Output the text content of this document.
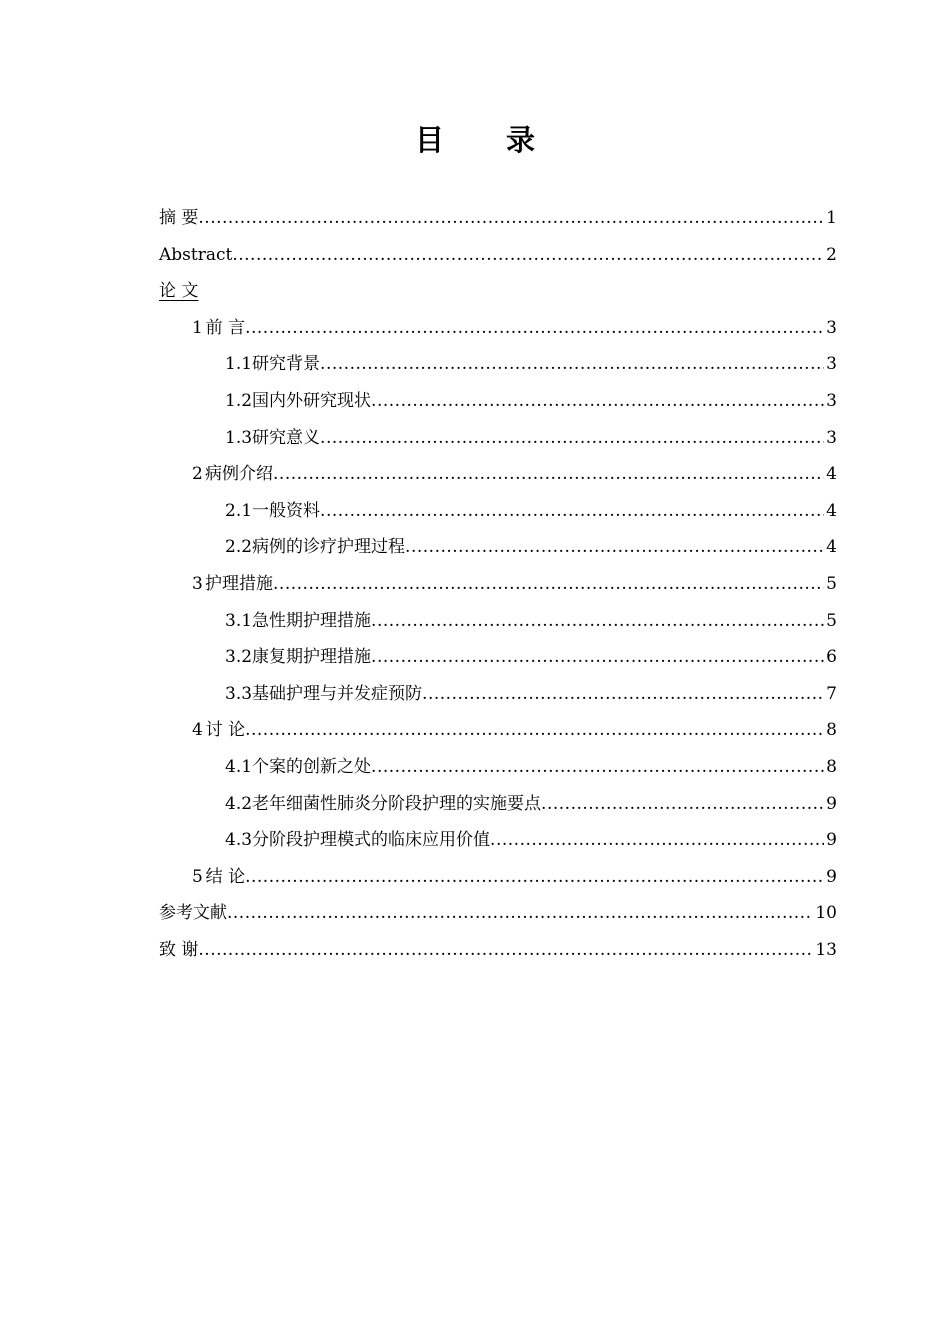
目 录
摘 要 .....	1
Abstract .....	2
论 文
1 前 言 .....	3
1.1 研究背景 .....	3
1.2 国内外研究现状 .....	3
1.3 研究意义 .....	3
2 病例介绍 .....	4
2.1 一般资料 .....	4
2.2 病例的诊疗护理过程 .....	4
3 护理措施 .....	5
3.1 急性期护理措施 .....	5
3.2 康复期护理措施 .....	6
3.3 基础护理与并发症预防 .....	7
4 讨 论 .....	8
4.1 个案的创新之处 .....	8
4.2 老年细菌性肺炎分阶段护理的实施要点 .....	9
4.3 分阶段护理模式的临床应用价值 .....	9
5 结 论 .....	9
参考文献 .....	10
致 谢 .....	13
